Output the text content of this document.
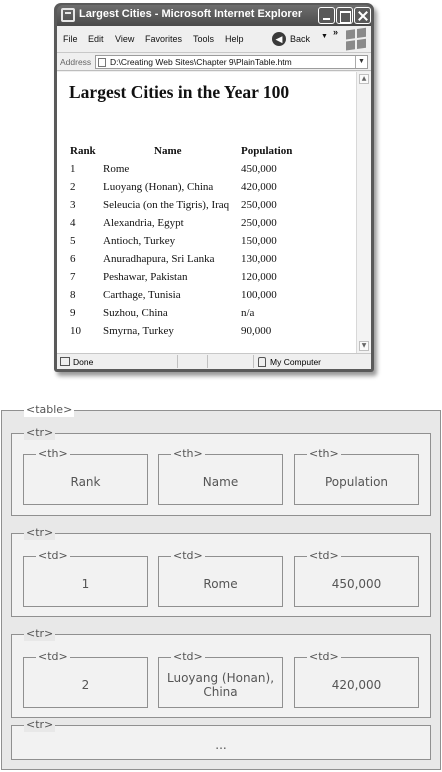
Largest Cities - Microsoft Internet Explorer
File Edit View Favorites Tools Help	◀ Back ▼ »
Address D:\Creating Web Sites\Chapter 9\PlainTable.htm	▼
Largest Cities in the Year 100
Rank	Name	Population
1	Rome	450,000
2	Luoyang (Honan), China	420,000
3	Seleucia (on the Tigris), Iraq 250,000
4	Alexandria, Egypt	250,000
5	Antioch, Turkey	150,000
6	Anuradhapura, Sri Lanka 130,000
7	Peshawar, Pakistan	120,000
8	Carthage, Tunisia	100,000
9	Suzhou, China	n/a
10 Smyrna, Turkey	90,000
▲
▼
Done	My Computer
<table>
<tr>
<th>
Rank
<th>
Name
<th>
Population
<tr>
<td>
1
<td>
Rome
<td>
450,000
<tr>
<td>
2
<td>
Luoyang (Honan), China
<td>
420,000
<tr>
...
